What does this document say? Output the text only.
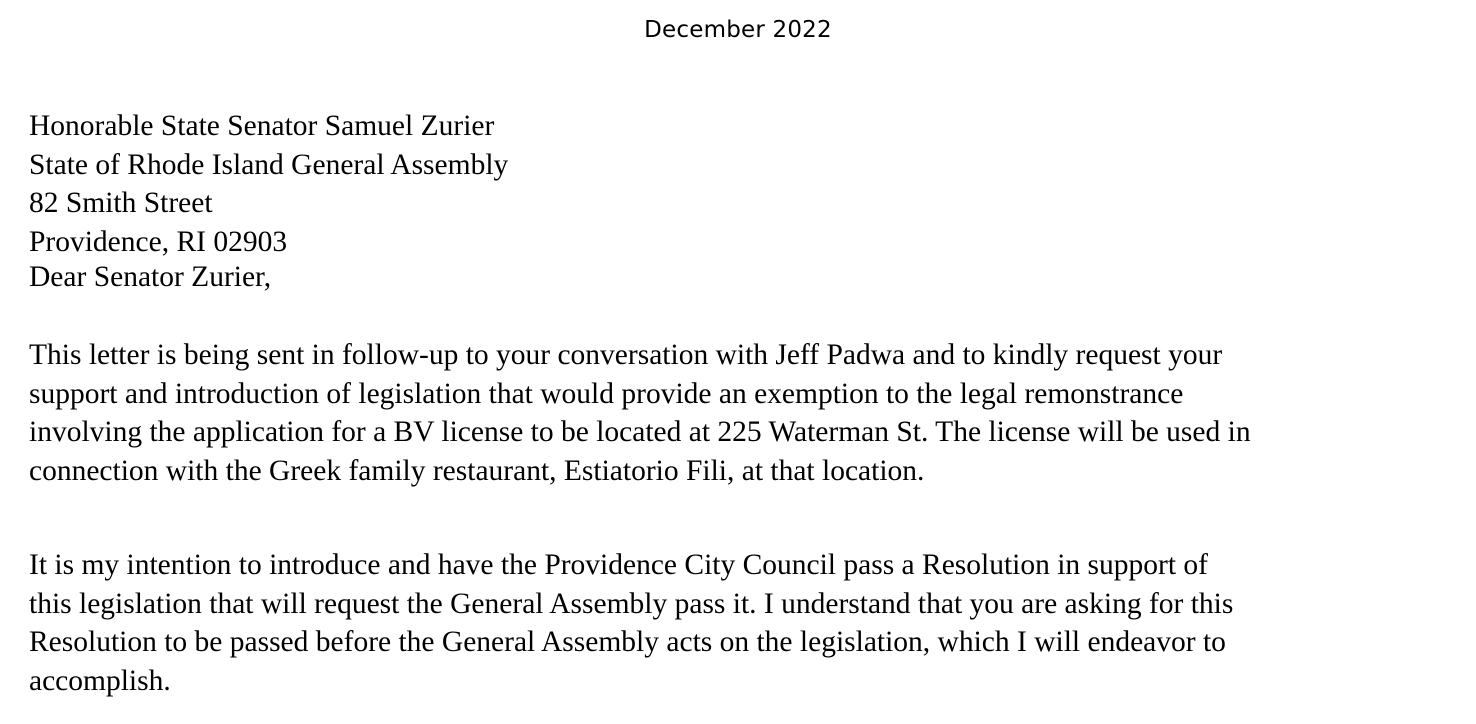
December 2022
Honorable State Senator Samuel Zurier
State of Rhode Island General Assembly
82 Smith Street
Providence, RI 02903
Dear Senator Zurier,
This letter is being sent in follow-up to your conversation with Jeff Padwa and to kindly request your
support and introduction of legislation that would provide an exemption to the legal remonstrance
involving the application for a BV license to be located at 225 Waterman St. The license will be used in
connection with the Greek family restaurant, Estiatorio Fili, at that location.
It is my intention to introduce and have the Providence City Council pass a Resolution in support of
this legislation that will request the General Assembly pass it. I understand that you are asking for this
Resolution to be passed before the General Assembly acts on the legislation, which I will endeavor to
accomplish.
